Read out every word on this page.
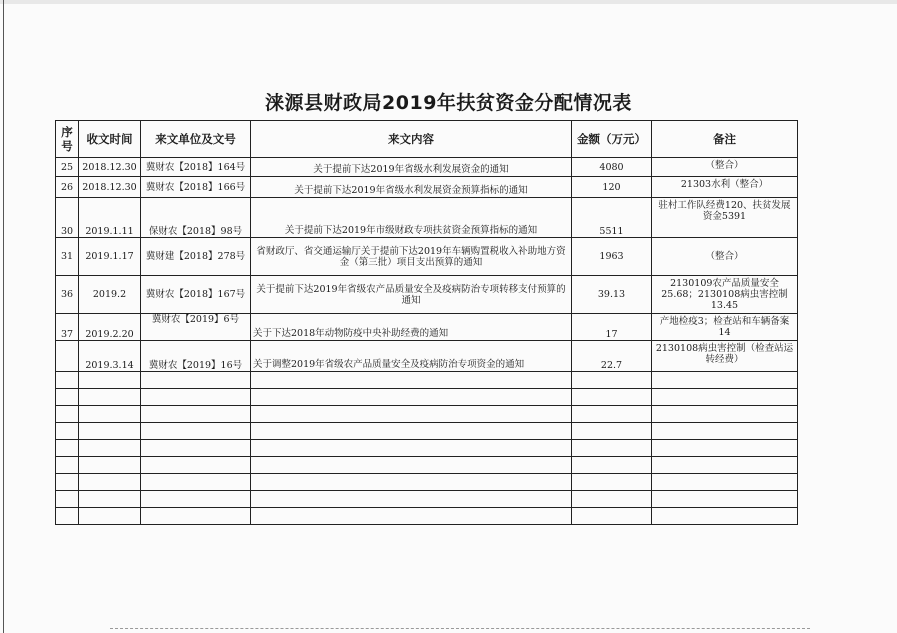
涞源县财政局2019年扶贫资金分配情况表
序号	收文时间	来文单位及文号	来文内容	金额（万元）	备注
25	2018.12.30	冀财农【2018】164号	关于提前下达2019年省级水利发展资金的通知	4080	（整合）
26	2018.12.30	冀财农【2018】166号	关于提前下达2019年省级水利发展资金预算指标的通知	120	21303水利（整合）
30	2019.1.11	保财农【2018】98号	关于提前下达2019年市级财政专项扶贫资金预算指标的通知	5511	驻村工作队经费120、扶贫发展资金5391
31	2019.1.17	冀财建【2018】278号	省财政厅、省交通运输厅关于提前下达2019年车辆购置税收入补助地方资金（第三批）项目支出预算的通知	1963	（整合）
36	2019.2	冀财农【2018】167号	关于提前下达2019年省级农产品质量安全及疫病防治专项转移支付预算的通知	39.13	2130109农产品质量安全25.68；2130108病虫害控制13.45
37	2019.2.20	冀财农【2019】6号	关于下达2018年动物防疫中央补助经费的通知	17	产地检疫3；检查站和车辆备案14
	2019.3.14	冀财农【2019】16号	关于调整2019年省级农产品质量安全及疫病防治专项资金的通知	22.7	2130108病虫害控制（检查站运转经费）
